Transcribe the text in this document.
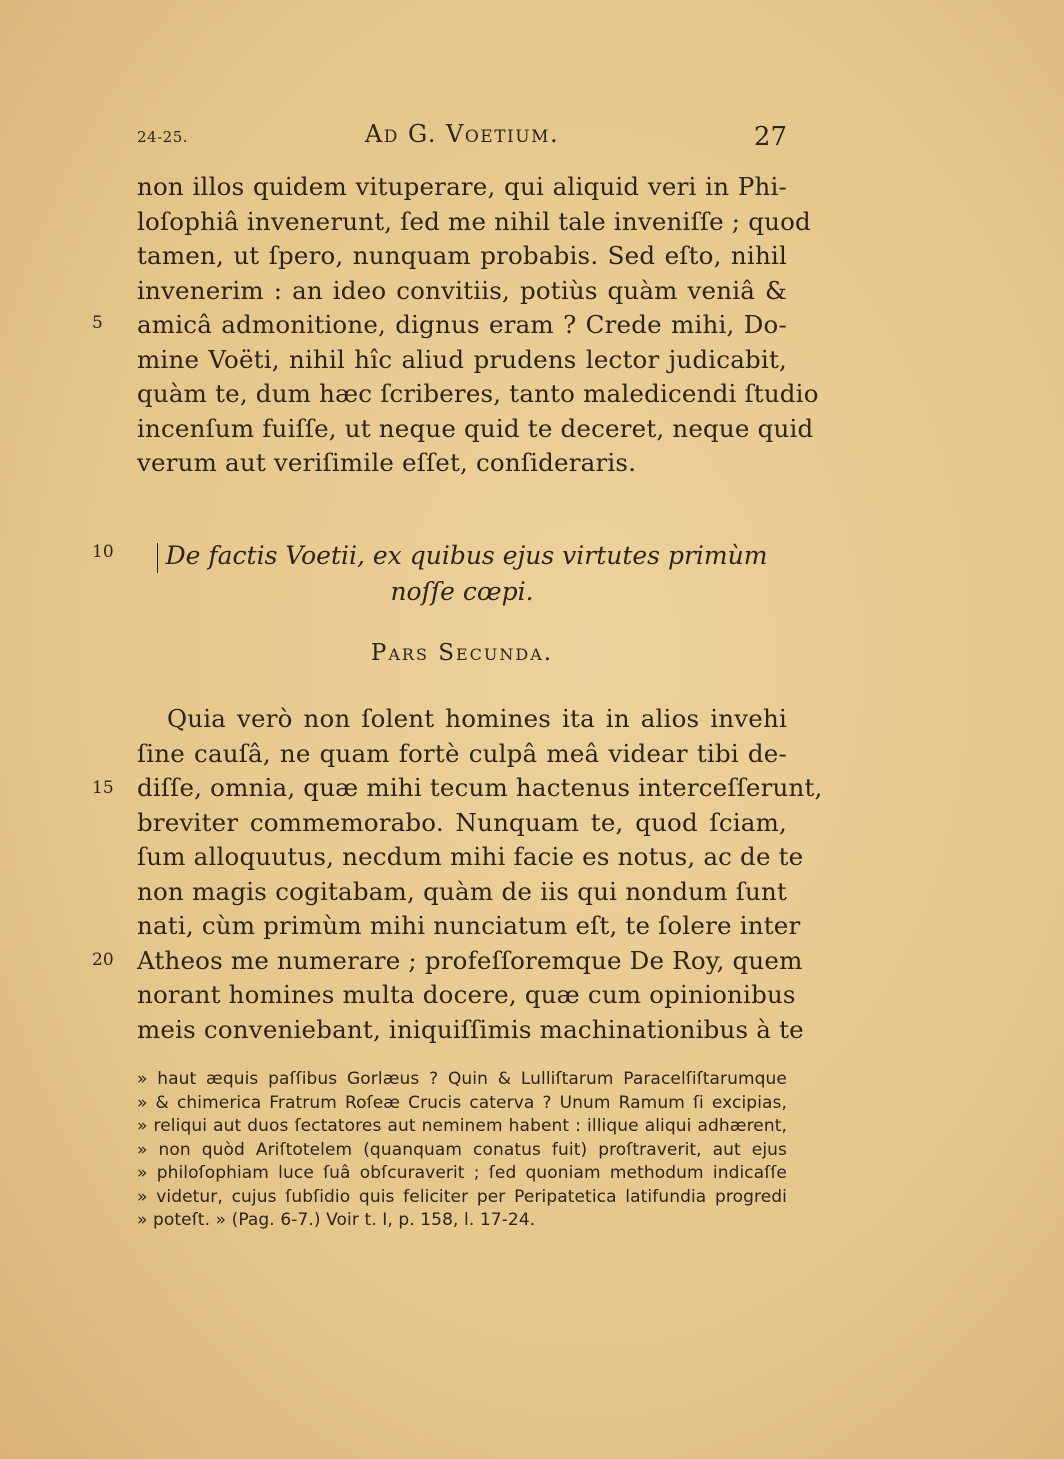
24-25.	Ad G. Voetium.	27
non illos quidem vituperare, qui aliquid veri in Phi-
loſophiâ invenerunt, ſed me nihil tale inveniſſe ; quod
tamen, ut ſpero, nunquam probabis. Sed eſto, nihil
invenerim : an ideo convitiis, potiùs quàm veniâ &
amicâ admonitione, dignus eram ? Crede mihi, Do-
mine Voëti, nihil hîc aliud prudens lector judicabit,
quàm te, dum hæc ſcriberes, tanto maledicendi ſtudio
incenſum fuiſſe, ut neque quid te deceret, neque quid
verum aut veriſimile eſſet, conſideraris.
5
10
15
20
De factis Voetii, ex quibus ejus virtutes primùm
noſſe cœpi.
Pars Secunda.
Quia verò non ſolent homines ita in alios invehi
ſine cauſâ, ne quam fortè culpâ meâ videar tibi de-
diſſe, omnia, quæ mihi tecum hactenus interceſſerunt,
breviter commemorabo. Nunquam te, quod ſciam,
ſum alloquutus, necdum mihi facie es notus, ac de te
non magis cogitabam, quàm de iis qui nondum ſunt
nati, cùm primùm mihi nunciatum eſt, te ſolere inter
Atheos me numerare ; profeſſoremque De Roy, quem
norant homines multa docere, quæ cum opinionibus
meis conveniebant, iniquiſſimis machinationibus à te
» haut æquis paſſibus Gorlæus ? Quin & Lulliſtarum Paracelſiſtarumque
» & chimerica Fratrum Roſeæ Crucis caterva ? Unum Ramum ſi excipias,
» reliqui aut duos ſectatores aut neminem habent : illique aliqui adhærent,
» non quòd Ariſtotelem (quanquam conatus fuit) proſtraverit, aut ejus
» philoſophiam luce ſuâ obſcuraverit ; ſed quoniam methodum indicaſſe
» videtur, cujus ſubſidio quis feliciter per Peripatetica latifundia progredi
» poteſt. » (Pag. 6-7.) Voir t. I, p. 158, l. 17-24.
